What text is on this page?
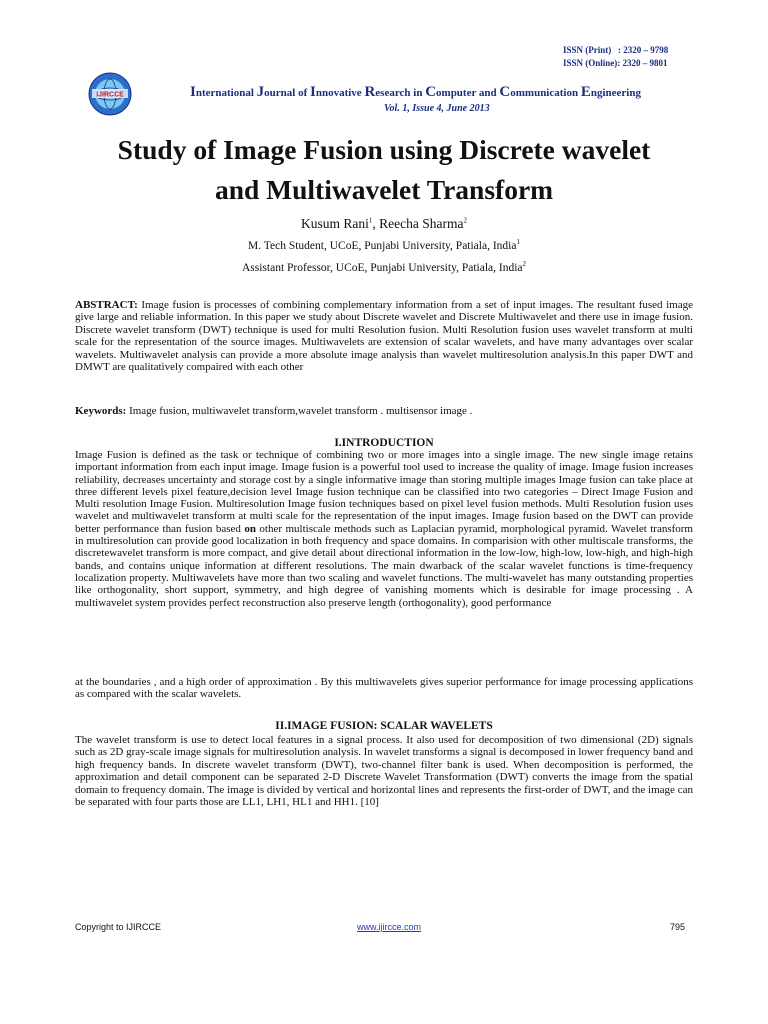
ISSN (Print)   : 2320 – 9798
ISSN (Online): 2320 – 9801
IJIRCCE	International Journal of Innovative Research in Computer and Communication Engineering
Vol. 1, Issue 4, June 2013
Study of Image Fusion using Discrete wavelet
and Multiwavelet Transform
Kusum Rani$^1$, Reecha Sharma$^2$
M. Tech Student, UCoE, Punjabi University, Patiala, India$^1$
Assistant Professor, UCoE, Punjabi University, Patiala, India$^2$

ABSTRACT: Image fusion is processes of combining complementary information from a set of input images. The resultant fused image give large and reliable information. In this paper we study about Discrete wavelet and Discrete Multiwavelet and there use in image fusion. Discrete wavelet transform (DWT) technique is used for multi Resolution fusion. Multi Resolution fusion uses wavelet transform at multi scale for the representation of the source images. Multiwavelets are extension of scalar wavelets, and have many advantages over scalar wavelets. Multiwavelet analysis can provide a more absolute image analysis than wavelet multiresolution analysis.In this paper DWT and DMWT are qualitatively compaired with each other

Keywords: Image fusion, multiwavelet transform,wavelet transform . multisensor image .

I.INTRODUCTION

Image Fusion is defined as the task or technique of combining two or more images into a single image. The new single image retains important information from each input image. Image fusion is a powerful tool used to increase the quality of image. Image fusion increases reliability, decreases uncertainty and storage cost by a single informative image than storing multiple images Image fusion can take place at three different levels pixel feature,decision level Image fusion technique can be classified into two categories – Direct Image Fusion and Multi resolution Image Fusion. Multiresolution Image fusion techniques based on pixel level fusion methods. Multi Resolution fusion uses wavelet and multiwavelet transform at multi scale for the representation of the input images. Image fusion based on the DWT can provide better performance than fusion based on other multiscale methods such as Laplacian pyramid, morphological pyramid. Wavelet transform in multiresolution can provide good localization in both frequency and space domains. In comparision with other multiscale transforms, the discretewavelet transform is more compact, and give detail about directional information in the low-low, high-low, low-high, and high-high bands, and contains unique information at different resolutions. The main dwarback of the scalar wavelet functions is time-frequency localization property. Multiwavelets have more than two scaling and wavelet functions. The multi-wavelet has many outstanding properties like orthogonality, short support, symmetry, and high degree of vanishing moments which is desirable for image processing . A multiwavelet system provides perfect reconstruction also preserve length (orthogonality), good performance

at the boundaries , and a high order of approximation . By this multiwavelets gives superior performance for image processing applications as compared with the scalar wavelets.

II.IMAGE FUSION: SCALAR WAVELETS

The wavelet transform is use to detect local features in a signal process. It also used for decomposition of two dimensional (2D) signals such as 2D gray-scale image signals for multiresolution analysis. In wavelet transforms a signal is decomposed in lower frequency band and high frequency bands. In discrete wavelet transform (DWT), two-channel filter bank is used. When decomposition is performed, the approximation and detail component can be separated 2-D Discrete Wavelet Transformation (DWT) converts the image from the spatial domain to frequency domain. The image is divided by vertical and horizontal lines and represents the first-order of DWT, and the image can be separated with four parts those are LL1, LH1, HL1 and HH1. [10]

Copyright to IJIRCCE	www.ijircce.com	795
